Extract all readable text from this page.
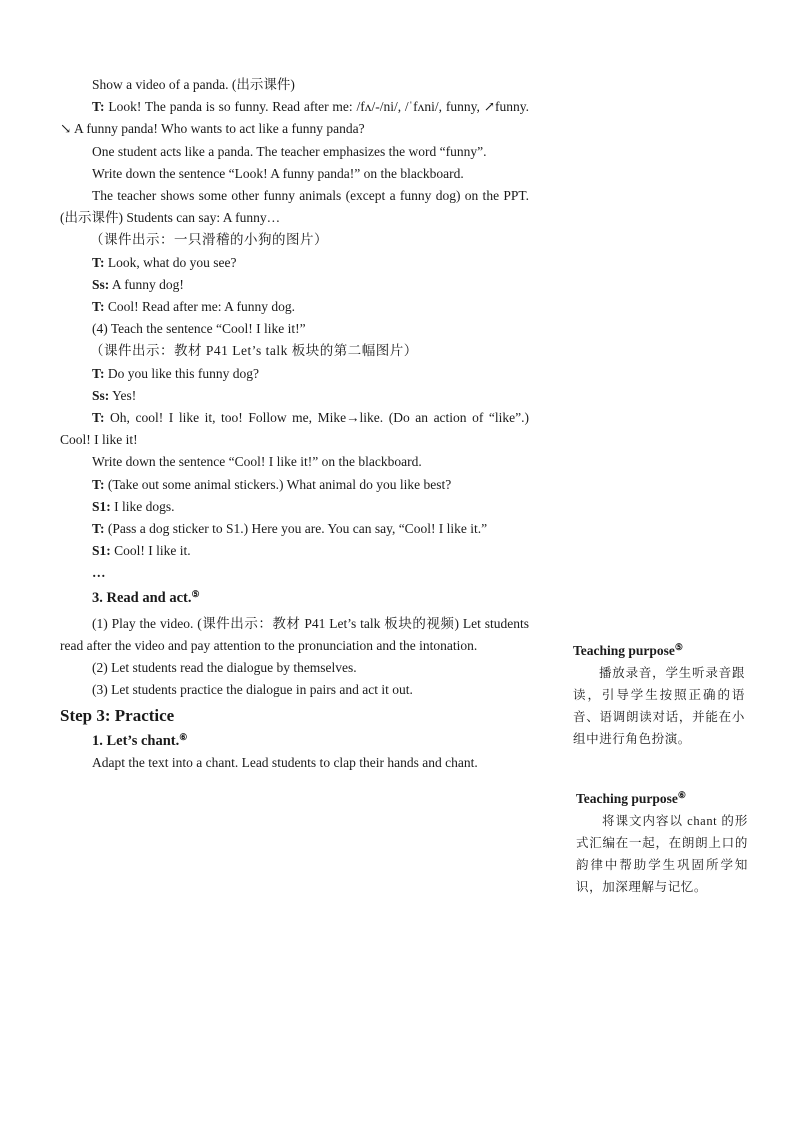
Show a video of a panda. (出示课件)

T: Look! The panda is so funny. Read after me: /fʌ/-/ni/, /ˈfʌni/, funny, ↗funny. ↘ A funny panda! Who wants to act like a funny panda?

One student acts like a panda. The teacher emphasizes the word “funny”.

Write down the sentence “Look! A funny panda!” on the blackboard.

The teacher shows some other funny animals (except a funny dog) on the PPT. (出示课件) Students can say: A funny…

（课件出示：一只滑稽的小狗的图片）

T: Look, what do you see?

Ss: A funny dog!

T: Cool! Read after me: A funny dog.

(4) Teach the sentence “Cool! I like it!”

（课件出示：教材 P41 Let’s talk 板块的第二幅图片）

T: Do you like this funny dog?

Ss: Yes!

T: Oh, cool! I like it, too! Follow me, Mike→like. (Do an action of “like”.) Cool! I like it!

Write down the sentence “Cool! I like it!” on the blackboard.

T: (Take out some animal stickers.) What animal do you like best?

S1: I like dogs.

T: (Pass a dog sticker to S1.) Here you are. You can say, “Cool! I like it.”

S1: Cool! I like it.

…

3. Read and act.⑤

(1) Play the video. (课件出示：教材 P41 Let’s talk 板块的视频) Let students read after the video and pay attention to the pronunciation and the intonation.

(2) Let students read the dialogue by themselves.

(3) Let students practice the dialogue in pairs and act it out.

Step 3: Practice

1. Let’s chant.⑥

Adapt the text into a chant. Lead students to clap their hands and chant.

Teaching purpose⑤

播放录音，学生听录音跟读，引导学生按照正确的语音、语调朗读对话，并能在小组中进行角色扮演。

Teaching purpose⑥

将课文内容以 chant 的形式汇编在一起，在朗朗上口的韵律中帮助学生巩固所学知识，加深理解与记忆。
